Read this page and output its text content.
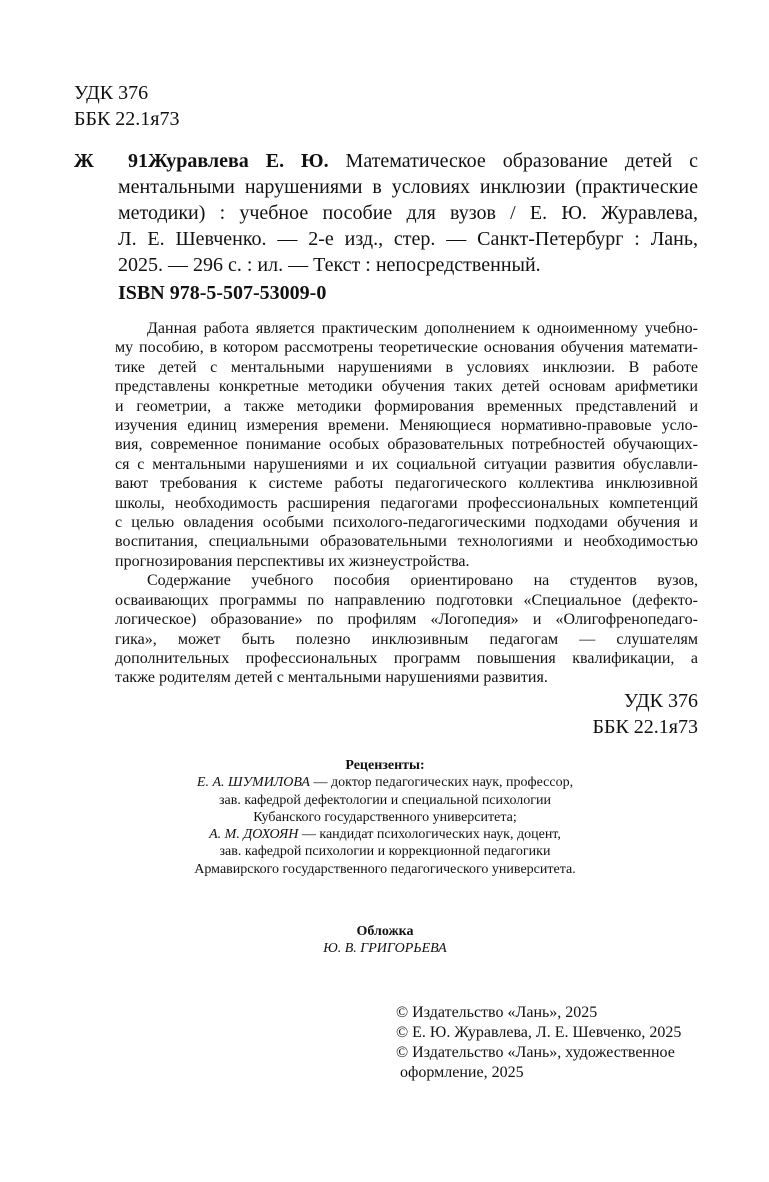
УДК 376
ББК 22.1я73
Ж 91 Журавлева Е. Ю. Математическое образование детей с
ментальными нарушениями в условиях инклюзии (практические
методики) : учебное пособие для вузов / Е. Ю. Журавлева,
Л. Е. Шевченко. — 2-е изд., стер. — Санкт-Петербург : Лань,
2025. — 296 с. : ил. — Текст : непосредственный.
ISBN 978-5-507-53009-0

Данная работа является практическим дополнением к одноименному учебно-
му пособию, в котором рассмотрены теоретические основания обучения математи-
тике детей с ментальными нарушениями в условиях инклюзии. В работе
представлены конкретные методики обучения таких детей основам арифметики
и геометрии, а также методики формирования временных представлений и
изучения единиц измерения времени. Меняющиеся нормативно-правовые усло-
вия, современное понимание особых образовательных потребностей обучающих-
ся с ментальными нарушениями и их социальной ситуации развития обуславли-
вают требования к системе работы педагогического коллектива инклюзивной
школы, необходимость расширения педагогами профессиональных компетенций
с целью овладения особыми психолого-педагогическими подходами обучения и
воспитания, специальными образовательными технологиями и необходимостью
прогнозирования перспективы их жизнеустройства.

Содержание учебного пособия ориентировано на студентов вузов,
осваивающих программы по направлению подготовки «Специальное (дефекто-
логическое) образование» по профилям «Логопедия» и «Олигофренопедаго-
гика», может быть полезно инклюзивным педагогам — слушателям
дополнительных профессиональных программ повышения квалификации, а
также родителям детей с ментальными нарушениями развития.

УДК 376
ББК 22.1я73
Рецензенты:
Е. А. ШУМИЛОВА — доктор педагогических наук, профессор,
зав. кафедрой дефектологии и специальной психологии
Кубанского государственного университета;
А. М. ДОХОЯН — кандидат психологических наук, доцент,
зав. кафедрой психологии и коррекционной педагогики
Армавирского государственного педагогического университета.
Обложка
Ю. В. ГРИГОРЬЕВА
© Издательство «Лань», 2025
© Е. Ю. Журавлева, Л. Е. Шевченко, 2025
© Издательство «Лань», художественное
оформление, 2025
